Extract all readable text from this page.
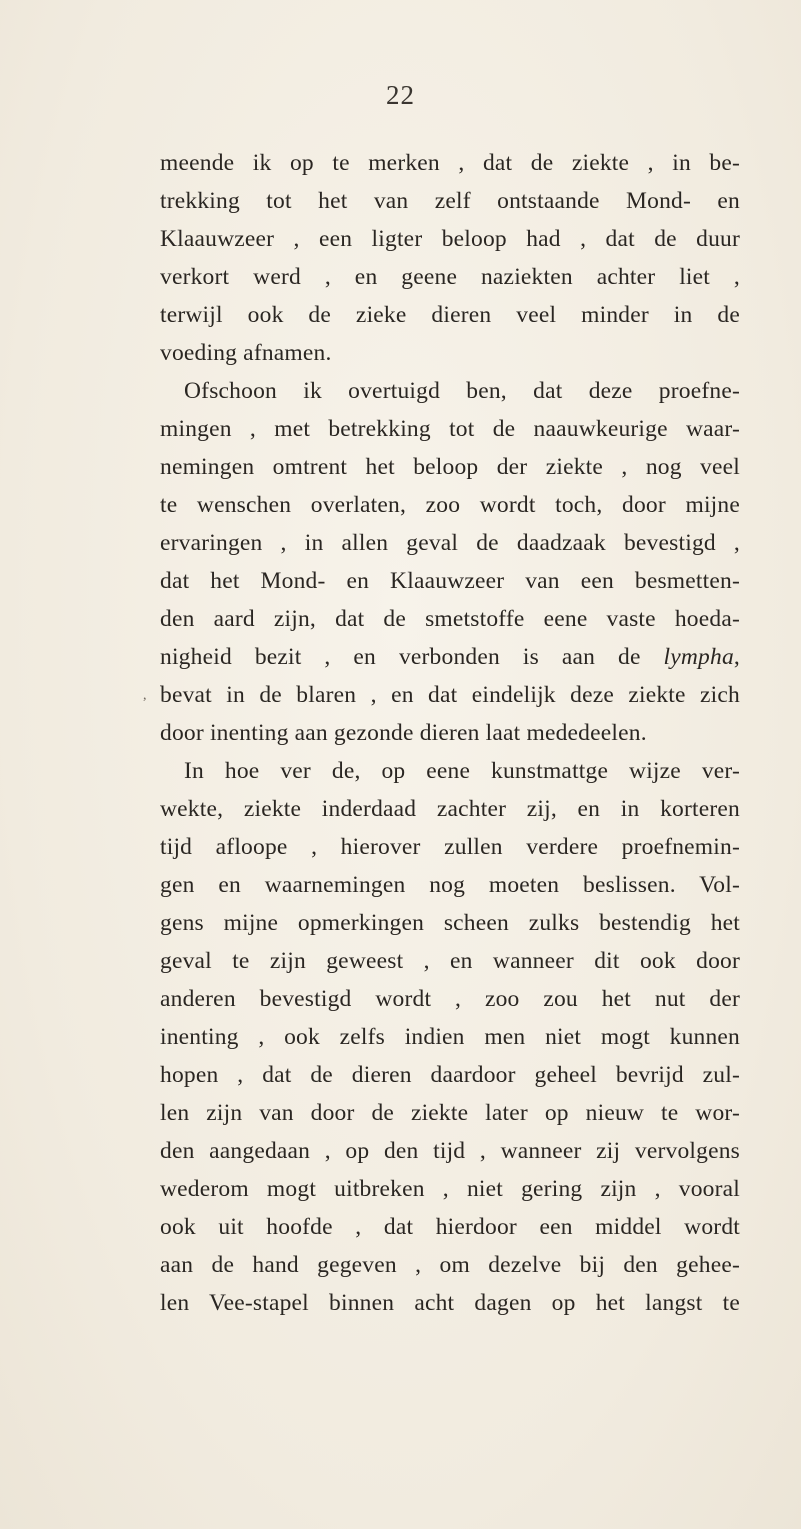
22
,
meende ik op te merken , dat de ziekte , in be-
trekking tot het van zelf ontstaande Mond- en
Klaauwzeer , een ligter beloop had , dat de duur
verkort werd , en geene naziekten achter liet ,
terwijl ook de zieke dieren veel minder in de
voeding afnamen.
Ofschoon ik overtuigd ben, dat deze proefne-
mingen , met betrekking tot de naauwkeurige waar-
nemingen omtrent het beloop der ziekte , nog veel
te wenschen overlaten, zoo wordt toch, door mijne
ervaringen , in allen geval de daadzaak bevestigd ,
dat het Mond- en Klaauwzeer van een besmetten-
den aard zijn, dat de smetstoffe eene vaste hoeda-
nigheid bezit , en verbonden is aan de lympha,
bevat in de blaren , en dat eindelijk deze ziekte zich
door inenting aan gezonde dieren laat mededeelen.
In hoe ver de, op eene kunstmattge wijze ver-
wekte, ziekte inderdaad zachter zij, en in korteren
tijd afloope , hierover zullen verdere proefnemin-
gen en waarnemingen nog moeten beslissen. Vol-
gens mijne opmerkingen scheen zulks bestendig het
geval te zijn geweest , en wanneer dit ook door
anderen bevestigd wordt , zoo zou het nut der
inenting , ook zelfs indien men niet mogt kunnen
hopen , dat de dieren daardoor geheel bevrijd zul-
len zijn van door de ziekte later op nieuw te wor-
den aangedaan , op den tijd , wanneer zij vervolgens
wederom mogt uitbreken , niet gering zijn , vooral
ook uit hoofde , dat hierdoor een middel wordt
aan de hand gegeven , om dezelve bij den gehee-
len Vee-stapel binnen acht dagen op het langst te
